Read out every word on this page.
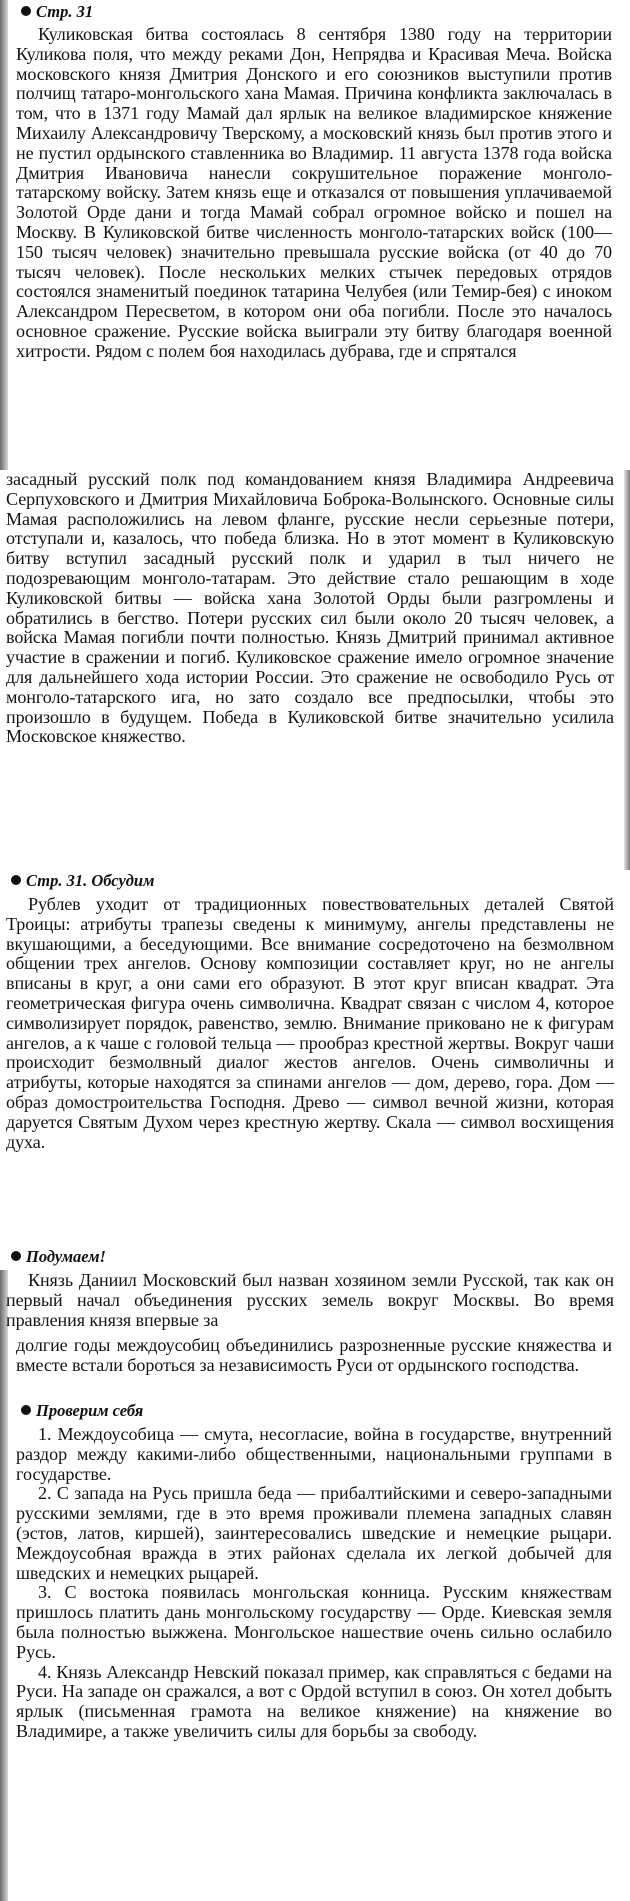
Стр. 31

Куликовская битва состоялась 8 сентября 1380 году на территории Куликова поля, что между реками Дон, Непрядва и Красивая Меча. Войска московского князя Дмитрия Донского и его союзников выступили против полчищ татаро-монгольского хана Мамая. Причина конфликта заключалась в том, что в 1371 году Мамай дал ярлык на великое владимирское княжение Михаилу Александровичу Тверскому, а московский князь был против этого и не пустил ордынского ставленника во Владимир. 11 августа 1378 года войска Дмитрия Ивановича нанесли сокрушительное поражение монголо-татарскому войску. Затем князь еще и отказался от повышения уплачиваемой Золотой Орде дани и тогда Мамай собрал огромное войско и пошел на Москву. В Куликовской битве численность монголо-татарских войск (100—150 тысяч человек) значительно превышала русские войска (от 40 до 70 тысяч человек). После нескольких мелких стычек передовых отрядов состоялся знаменитый поединок татарина Челубея (или Темир-бея) с иноком Александром Пересветом, в котором они оба погибли. После это началось основное сражение. Русские войска выиграли эту битву благодаря военной хитрости. Рядом с полем боя находилась дубрава, где и спрятался

засадный русский полк под командованием князя Владимира Андреевича Серпуховского и Дмитрия Михайловича Боброка-Волынского. Основные силы Мамая расположились на левом фланге, русские несли серьезные потери, отступали и, казалось, что победа близка. Но в этот момент в Куликовскую битву вступил засадный русский полк и ударил в тыл ничего не подозревающим монголо-татарам. Это действие стало решающим в ходе Куликовской битвы — войска хана Золотой Орды были разгромлены и обратились в бегство. Потери русских сил были около 20 тысяч человек, а войска Мамая погибли почти полностью. Князь Дмитрий принимал активное участие в сражении и погиб. Куликовское сражение имело огромное значение для дальнейшего хода истории России. Это сражение не освободило Русь от монголо-татарского ига, но зато создало все предпосылки, чтобы это произошло в будущем. Победа в Куликовской битве значительно усилила Московское княжество.

Стр. 31. Обсудим

Рублев уходит от традиционных повествовательных деталей Святой Троицы: атрибуты трапезы сведены к минимуму, ангелы представлены не вкушающими, а беседующими. Все внимание сосредоточено на безмолвном общении трех ангелов. Основу композиции составляет круг, но не ангелы вписаны в круг, а они сами его образуют. В этот круг вписан квадрат. Эта геометрическая фигура очень символична. Квадрат связан с числом 4, которое символизирует порядок, равенство, землю. Внимание приковано не к фигурам ангелов, а к чаше с головой тельца — прообраз крестной жертвы. Вокруг чаши происходит безмолвный диалог жестов ангелов. Очень символичны и атрибуты, которые находятся за спинами ангелов — дом, дерево, гора. Дом — образ домостроительства Господня. Древо — символ вечной жизни, которая даруется Святым Духом через крестную жертву. Скала — символ восхищения духа.

Подумаем!

Князь Даниил Московский был назван хозяином земли Русской, так как он первый начал объединения русских земель вокруг Москвы. Во время правления князя впервые за

долгие годы междоусобиц объединились разрозненные русские княжества и вместе встали бороться за независимость Руси от ордынского господства.

Проверим себя

1. Междоусобица — смута, несогласие, война в государстве, внутренний раздор между какими-либо общественными, национальными группами в государстве.

2. С запада на Русь пришла беда — прибалтийскими и северо-западными русскими землями, где в это время проживали племена западных славян (эстов, латов, киршей), заинтересовались шведские и немецкие рыцари. Междоусобная вражда в этих районах сделала их легкой добычей для шведских и немецких рыцарей.

3. С востока появилась монгольская конница. Русским княжествам пришлось платить дань монгольскому государству — Орде. Киевская земля была полностью выжжена. Монгольское нашествие очень сильно ослабило Русь.

4. Князь Александр Невский показал пример, как справляться с бедами на Руси. На западе он сражался, а вот с Ордой вступил в союз. Он хотел добыть ярлык (письменная грамота на великое княжение) на княжение во Владимире, а также увеличить силы для борьбы за свободу.
